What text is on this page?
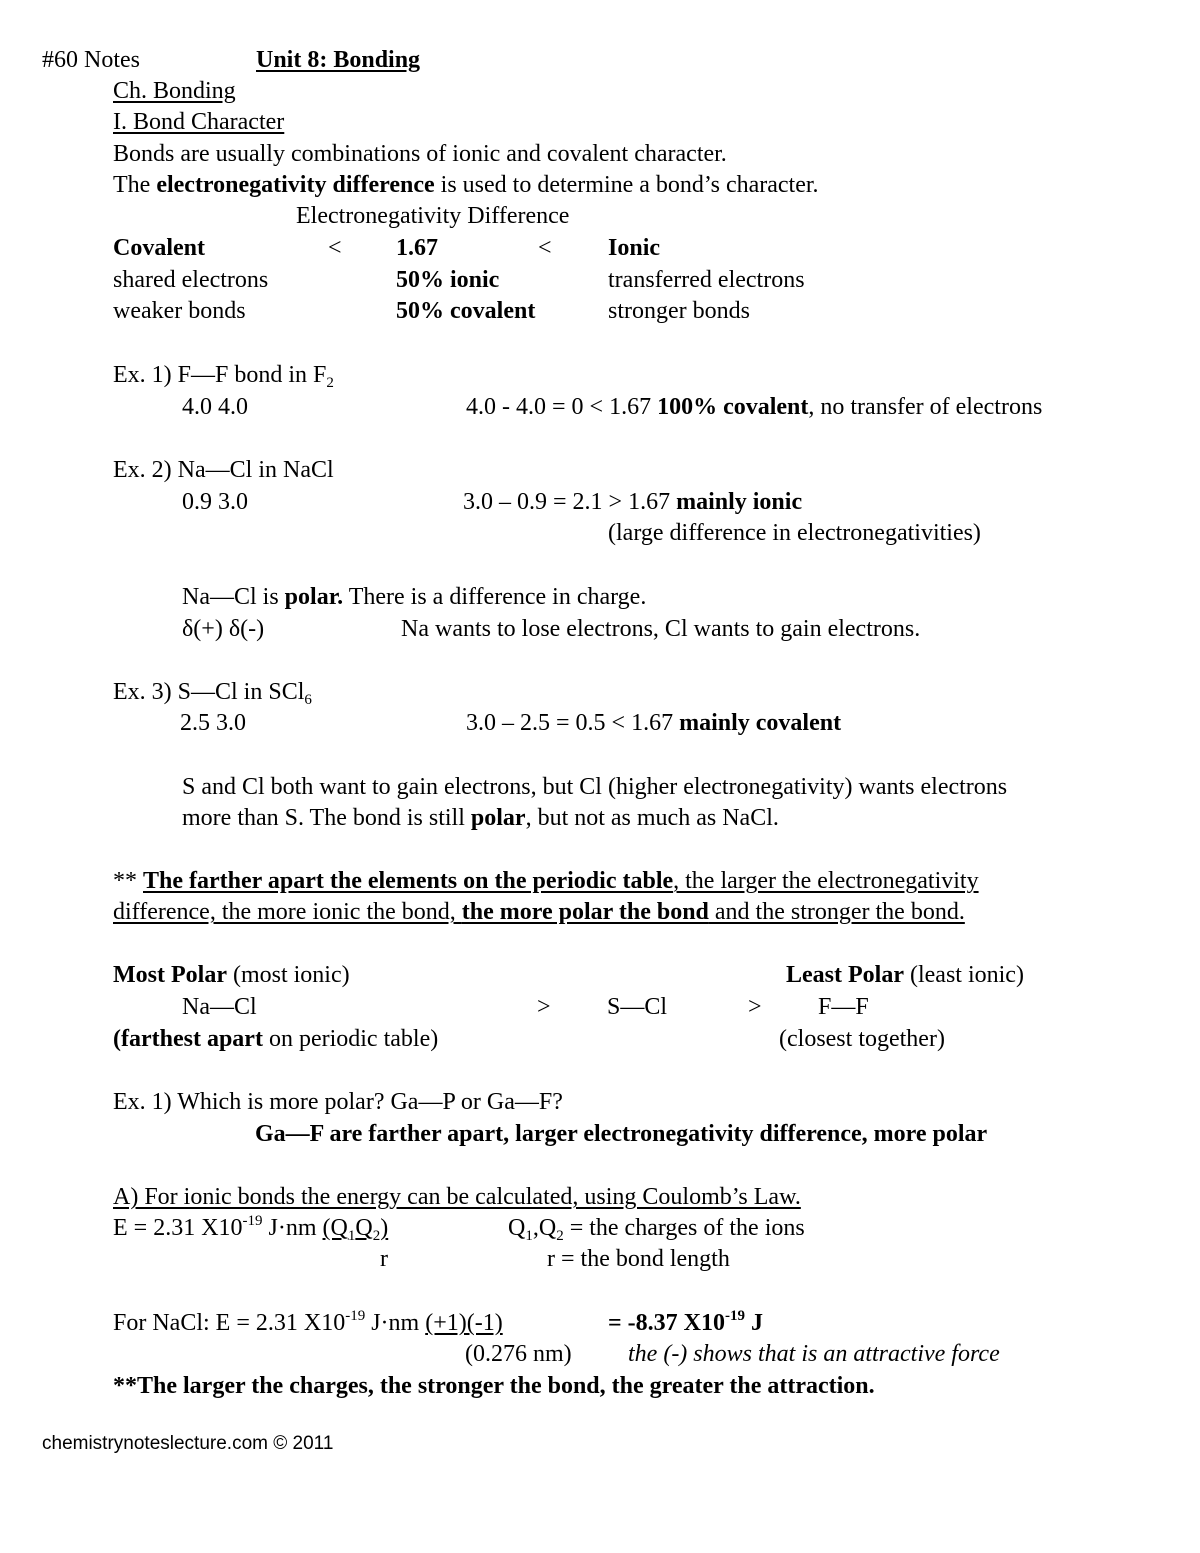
#60 Notes	Unit 8: Bonding
Ch. Bonding
I. Bond Character
Bonds are usually combinations of ionic and covalent character.
The electronegativity difference is used to determine a bond’s character.
Electronegativity Difference
Covalent	< 1.67	< Ionic
shared electrons	50% ionic	transferred electrons
weaker bonds	50% covalent	stronger bonds
Ex. 1) F—F bond in $F_2$
4.0 4.0	4.0 - 4.0 = 0 < 1.67 100% covalent, no transfer of electrons
Ex. 2) Na—Cl in NaCl
0.9 3.0	3.0 – 0.9 = 2.1 > 1.67 mainly ionic
(large difference in electronegativities)
Na—Cl is polar. There is a difference in charge.
δ(+) δ(-)	Na wants to lose electrons, Cl wants to gain electrons.
Ex. 3) S—Cl in SCl$_6$
2.5 3.0	3.0 – 2.5 = 0.5 < 1.67 mainly covalent
S and Cl both want to gain electrons, but Cl (higher electronegativity) wants electrons
more than S. The bond is still polar, but not as much as NaCl.
** The farther apart the elements on the periodic table, the larger the electronegativity
difference, the more ionic the bond, the more polar the bond and the stronger the bond.
Most Polar (most ionic)	Least Polar (least ionic)
Na—Cl	> S—Cl	> F—F
(farthest apart on periodic table)	(closest together)
Ex. 1) Which is more polar? Ga—P or Ga—F?
Ga—F are farther apart, larger electronegativity difference, more polar
A) For ionic bonds the energy can be calculated, using Coulomb’s Law.
E = 2.31 $X10^{-19}$ J·nm $(Q_1Q_2)$	$Q_1,Q_2$ = the charges of the ions
r	r = the bond length
For NaCl: E = 2.31 $X10^{-19}$ J·nm (+1)(-1)	= -8.37 $X10^{-19}$ J
(0.276 nm) the (-) shows that is an attractive force
**The larger the charges, the stronger the bond, the greater the attraction.
chemistrynoteslecture.com © 2011
